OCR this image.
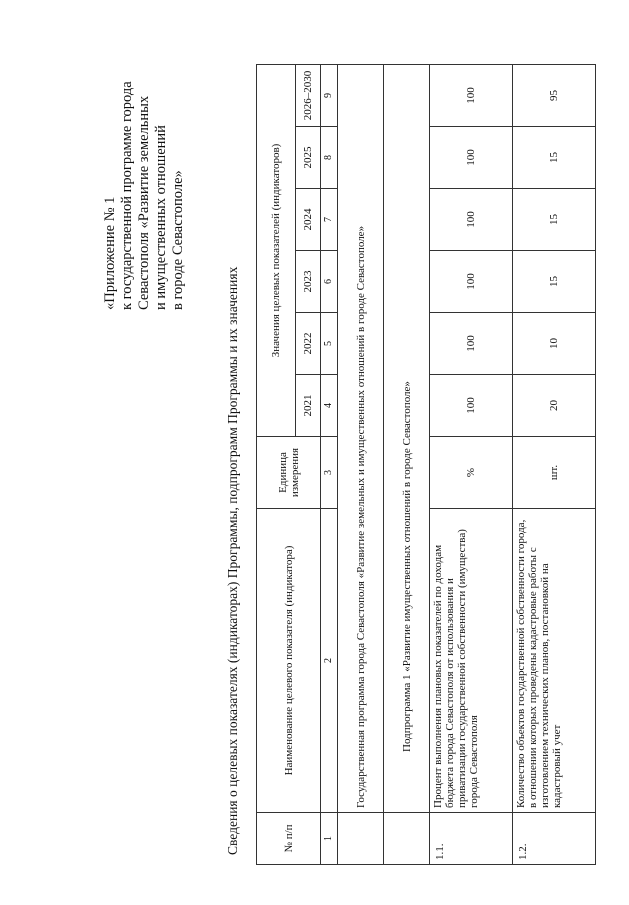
«Приложение № 1 к государственной программе города Севастополя «Развитие земельных и имущественных отношений в городе Севастополе»
Сведения о целевых показателях (индикаторах) Программы, подпрограмм Программы и их значениях	№ п/п	Наименование целевого показателя (индикатора)	Единица измерения	Значения целевых показателей (индикаторов)					
			2021	2022	2023	2024	2025	2026–2030
1	2	3	4	5	6	7	8	9
	Государственная программа города Севастополя «Развитие земельных и имущественных отношений в городе Севастополе»							
	Подпрограмма 1 «Развитие имущественных отношений в городе Севастополе»							
1.1.	Процент выполнения плановых показателей по доходам бюджета города Севастополя от использования и приватизации государственной собственности (имущества) города Севастополя	%	100	100	100	100	100	100
1.2.	Количество объектов государственной собственности города, в отношении которых проведены кадастровые работы с изготовлением технических планов, постановкой на кадастровый учет	шт.	20	10	15	15	15	95
